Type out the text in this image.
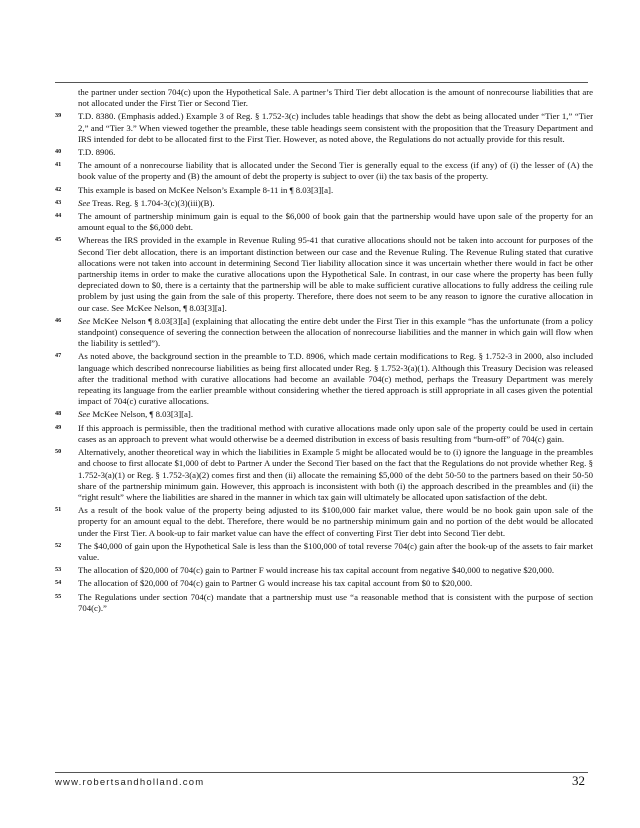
the partner under section 704(c) upon the Hypothetical Sale. A partner’s Third Tier debt allocation is the amount of nonrecourse liabilities that are not allocated under the First Tier or Second Tier.
39 T.D. 8380. (Emphasis added.) Example 3 of Reg. § 1.752-3(c) includes table headings that show the debt as being allocated under “Tier 1,” “Tier 2,” and “Tier 3.” When viewed together the preamble, these table headings seem consistent with the proposition that the Treasury Department and IRS intended for debt to be allocated first to the First Tier. However, as noted above, the Regulations do not actually provide for this result.
40 T.D. 8906.
41 The amount of a nonrecourse liability that is allocated under the Second Tier is generally equal to the excess (if any) of (i) the lesser of (A) the book value of the property and (B) the amount of debt the property is subject to over (ii) the tax basis of the property.
42 This example is based on McKee Nelson’s Example 8-11 in ¶ 8.03[3][a].
43 See Treas. Reg. § 1.704-3(c)(3)(iii)(B).
44 The amount of partnership minimum gain is equal to the $6,000 of book gain that the partnership would have upon sale of the property for an amount equal to the $6,000 debt.
45 Whereas the IRS provided in the example in Revenue Ruling 95-41 that curative allocations should not be taken into account for purposes of the Second Tier debt allocation, there is an important distinction between our case and the Revenue Ruling. The Revenue Ruling stated that curative allocations were not taken into account in determining Second Tier liability allocation since it was uncertain whether there would in fact be other partnership items in order to make the curative allocations upon the Hypothetical Sale. In contrast, in our case where the property has been fully depreciated down to $0, there is a certainty that the partnership will be able to make sufficient curative allocations to fully address the ceiling rule problem by just using the gain from the sale of this property. Therefore, there does not seem to be any reason to ignore the curative allocation in our case. See McKee Nelson, ¶ 8.03[3][a].
46 See McKee Nelson ¶ 8.03[3][a] (explaining that allocating the entire debt under the First Tier in this example “has the unfortunate (from a policy standpoint) consequence of severing the connection between the allocation of nonrecourse liabilities and the manner in which gain will flow when the liability is settled”).
47 As noted above, the background section in the preamble to T.D. 8906, which made certain modifications to Reg. § 1.752-3 in 2000, also included language which described nonrecourse liabilities as being first allocated under Reg. § 1.752-3(a)(1). Although this Treasury Decision was released after the traditional method with curative allocations had become an available 704(c) method, perhaps the Treasury Department was merely repeating its language from the earlier preamble without considering whether the tiered approach is still appropriate in all cases given the potential impact of 704(c) curative allocations.
48 See McKee Nelson, ¶ 8.03[3][a].
49 If this approach is permissible, then the traditional method with curative allocations made only upon sale of the property could be used in certain cases as an approach to prevent what would otherwise be a deemed distribution in excess of basis resulting from “burn-off” of 704(c) gain.
50 Alternatively, another theoretical way in which the liabilities in Example 5 might be allocated would be to (i) ignore the language in the preambles and choose to first allocate $1,000 of debt to Partner A under the Second Tier based on the fact that the Regulations do not provide whether Reg. § 1.752-3(a)(1) or Reg. § 1.752-3(a)(2) comes first and then (ii) allocate the remaining $5,000 of the debt 50-50 to the partners based on their 50-50 share of the partnership minimum gain. However, this approach is inconsistent with both (i) the approach described in the preambles and (ii) the “right result” where the liabilities are shared in the manner in which tax gain will ultimately be allocated upon satisfaction of the debt.
51 As a result of the book value of the property being adjusted to its $100,000 fair market value, there would be no book gain upon sale of the property for an amount equal to the debt. Therefore, there would be no partnership minimum gain and no portion of the debt would be allocated under the First Tier. A book-up to fair market value can have the effect of converting First Tier debt into Second Tier debt.
52 The $40,000 of gain upon the Hypothetical Sale is less than the $100,000 of total reverse 704(c) gain after the book-up of the assets to fair market value.
53 The allocation of $20,000 of 704(c) gain to Partner F would increase his tax capital account from negative $40,000 to negative $20,000.
54 The allocation of $20,000 of 704(c) gain to Partner G would increase his tax capital account from $0 to $20,000.
55 The Regulations under section 704(c) mandate that a partnership must use “a reasonable method that is consistent with the purpose of section 704(c).”
www.robertsandholland.com	32
